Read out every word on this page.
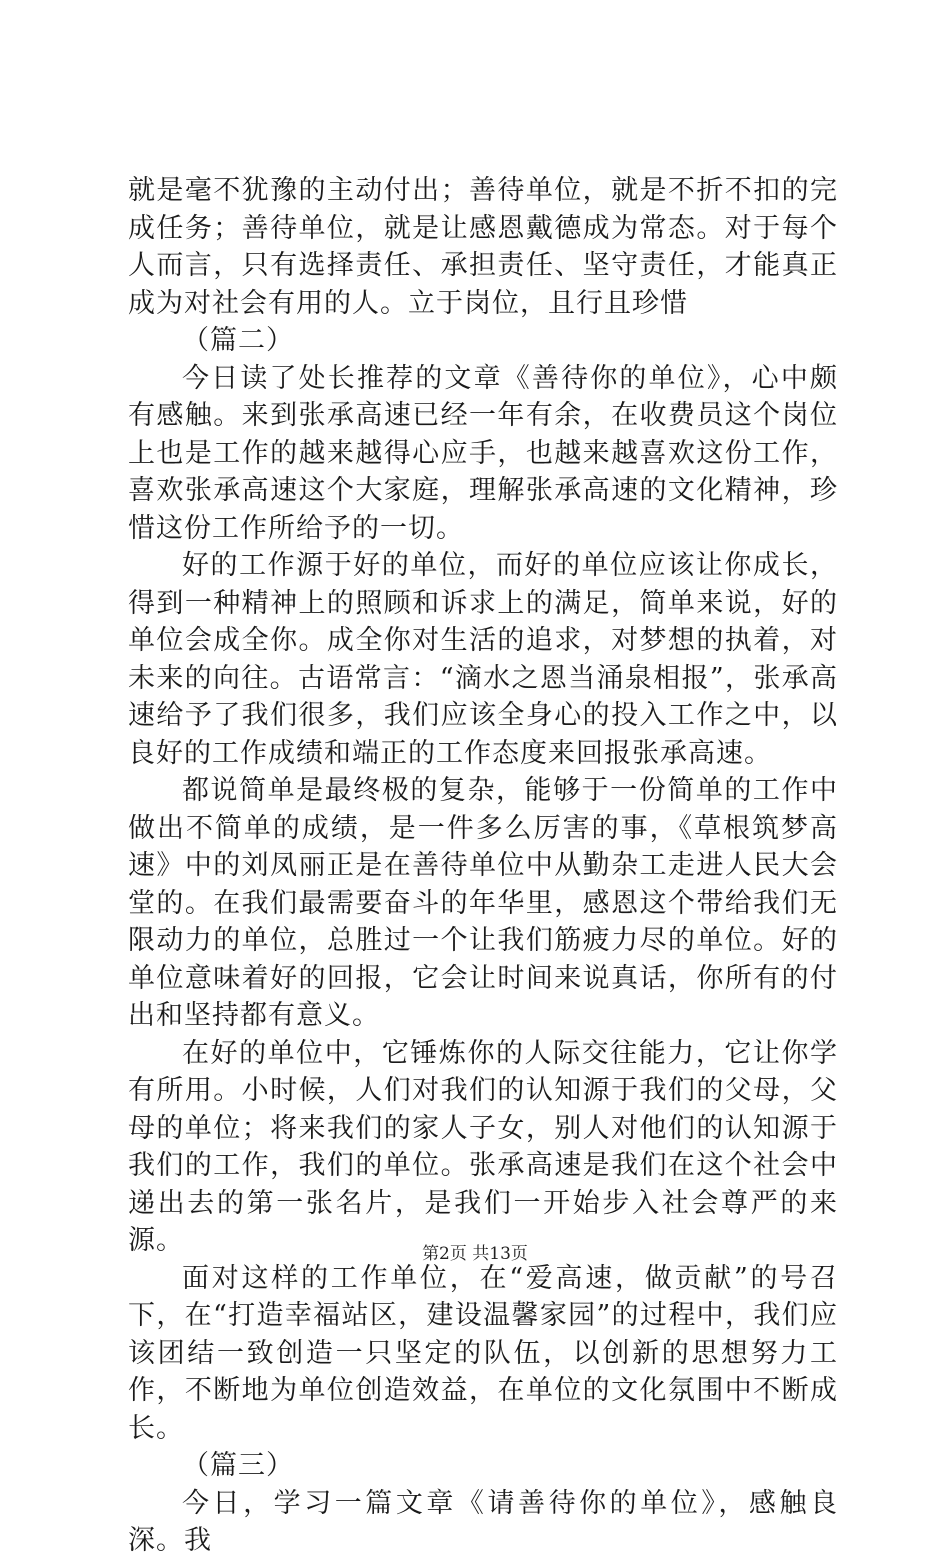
就是毫不犹豫的主动付出；善待单位，就是不折不扣的完成任务；善待单位，就是让感恩戴德成为常态。对于每个人而言，只有选择责任、承担责任、坚守责任，才能真正成为对社会有用的人。立于岗位，且行且珍惜

（篇二）

今日读了处长推荐的文章《善待你的单位》，心中颇有感触。来到张承高速已经一年有余，在收费员这个岗位上也是工作的越来越得心应手，也越来越喜欢这份工作，喜欢张承高速这个大家庭，理解张承高速的文化精神，珍惜这份工作所给予的一切。

好的工作源于好的单位，而好的单位应该让你成长，得到一种精神上的照顾和诉求上的满足，简单来说，好的单位会成全你。成全你对生活的追求，对梦想的执着，对未来的向往。古语常言：“滴水之恩当涌泉相报”，张承高速给予了我们很多，我们应该全身心的投入工作之中，以良好的工作成绩和端正的工作态度来回报张承高速。

都说简单是最终极的复杂，能够于一份简单的工作中做出不简单的成绩，是一件多么厉害的事，《草根筑梦高速》中的刘凤丽正是在善待单位中从勤杂工走进人民大会堂的。在我们最需要奋斗的年华里，感恩这个带给我们无限动力的单位，总胜过一个让我们筋疲力尽的单位。好的单位意味着好的回报，它会让时间来说真话，你所有的付出和坚持都有意义。

在好的单位中，它锤炼你的人际交往能力，它让你学有所用。小时候，人们对我们的认知源于我们的父母，父母的单位；将来我们的家人子女，别人对他们的认知源于我们的工作，我们的单位。张承高速是我们在这个社会中递出去的第一张名片，是我们一开始步入社会尊严的来源。

面对这样的工作单位，在“爱高速，做贡献”的号召下，在“打造幸福站区，建设温馨家园”的过程中，我们应该团结一致创造一只坚定的队伍，以创新的思想努力工作，不断地为单位创造效益，在单位的文化氛围中不断成长。

（篇三）

今日，学习一篇文章《请善待你的单位》，感触良深。我

第2页 共13页
